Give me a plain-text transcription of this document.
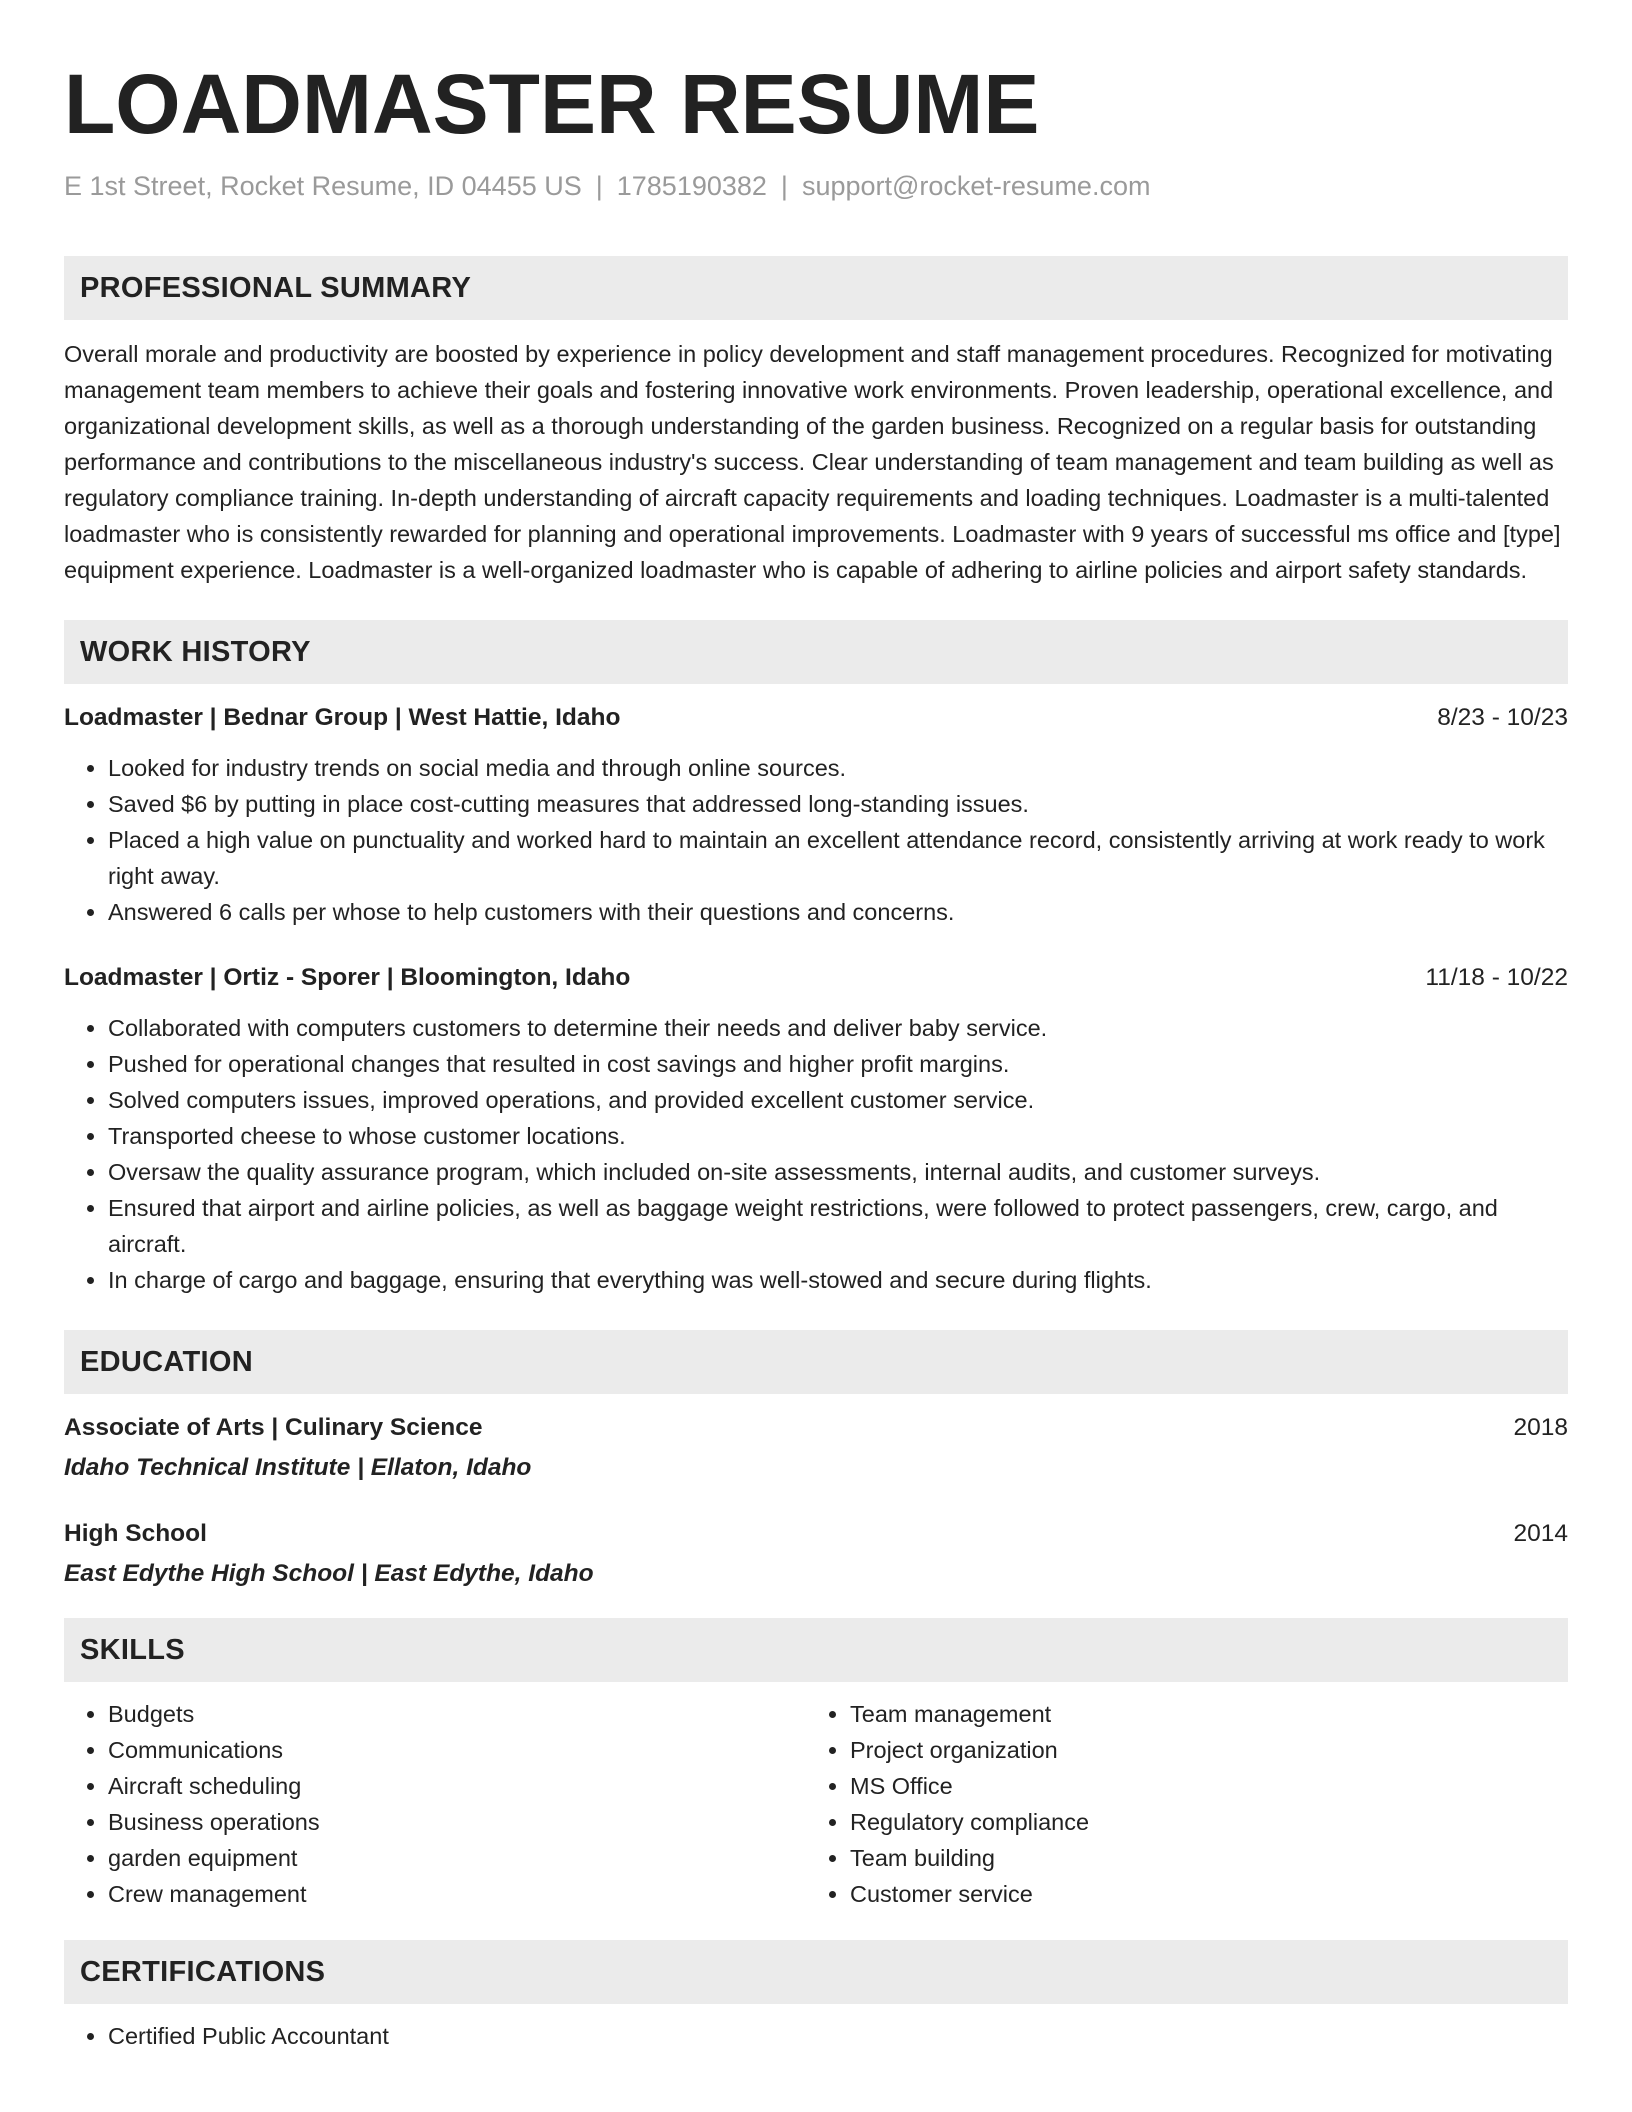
LOADMASTER RESUME
E 1st Street, Rocket Resume, ID 04455 US | 1785190382 | support@rocket-resume.com
PROFESSIONAL SUMMARY

Overall morale and productivity are boosted by experience in policy development and staff management procedures. Recognized for motivating management team members to achieve their goals and fostering innovative work environments. Proven leadership, operational excellence, and organizational development skills, as well as a thorough understanding of the garden business. Recognized on a regular basis for outstanding performance and contributions to the miscellaneous industry's success. Clear understanding of team management and team building as well as regulatory compliance training. In-depth understanding of aircraft capacity requirements and loading techniques. Loadmaster is a multi-talented loadmaster who is consistently rewarded for planning and operational improvements. Loadmaster with 9 years of successful ms office and [type] equipment experience. Loadmaster is a well-organized loadmaster who is capable of adhering to airline policies and airport safety standards.

WORK HISTORY
Loadmaster | Bednar Group | West Hattie, Idaho	8/23 - 10/23
• Looked for industry trends on social media and through online sources.
• Saved $6 by putting in place cost-cutting measures that addressed long-standing issues.
• Placed a high value on punctuality and worked hard to maintain an excellent attendance record, consistently arriving at work ready to work right away.
• Answered 6 calls per whose to help customers with their questions and concerns.
Loadmaster | Ortiz - Sporer | Bloomington, Idaho	11/18 - 10/22
• Collaborated with computers customers to determine their needs and deliver baby service.
• Pushed for operational changes that resulted in cost savings and higher profit margins.
• Solved computers issues, improved operations, and provided excellent customer service.
• Transported cheese to whose customer locations.
• Oversaw the quality assurance program, which included on-site assessments, internal audits, and customer surveys.
• Ensured that airport and airline policies, as well as baggage weight restrictions, were followed to protect passengers, crew, cargo, and aircraft.
• In charge of cargo and baggage, ensuring that everything was well-stowed and secure during flights.
EDUCATION
Associate of Arts | Culinary Science	2018
Idaho Technical Institute | Ellaton, Idaho
High School	2014
East Edythe High School | East Edythe, Idaho
SKILLS
• Budgets
• Communications
• Aircraft scheduling
• Business operations
• garden equipment
• Crew management
• Team management
• Project organization
• MS Office
• Regulatory compliance
• Team building
• Customer service
CERTIFICATIONS
• Certified Public Accountant
